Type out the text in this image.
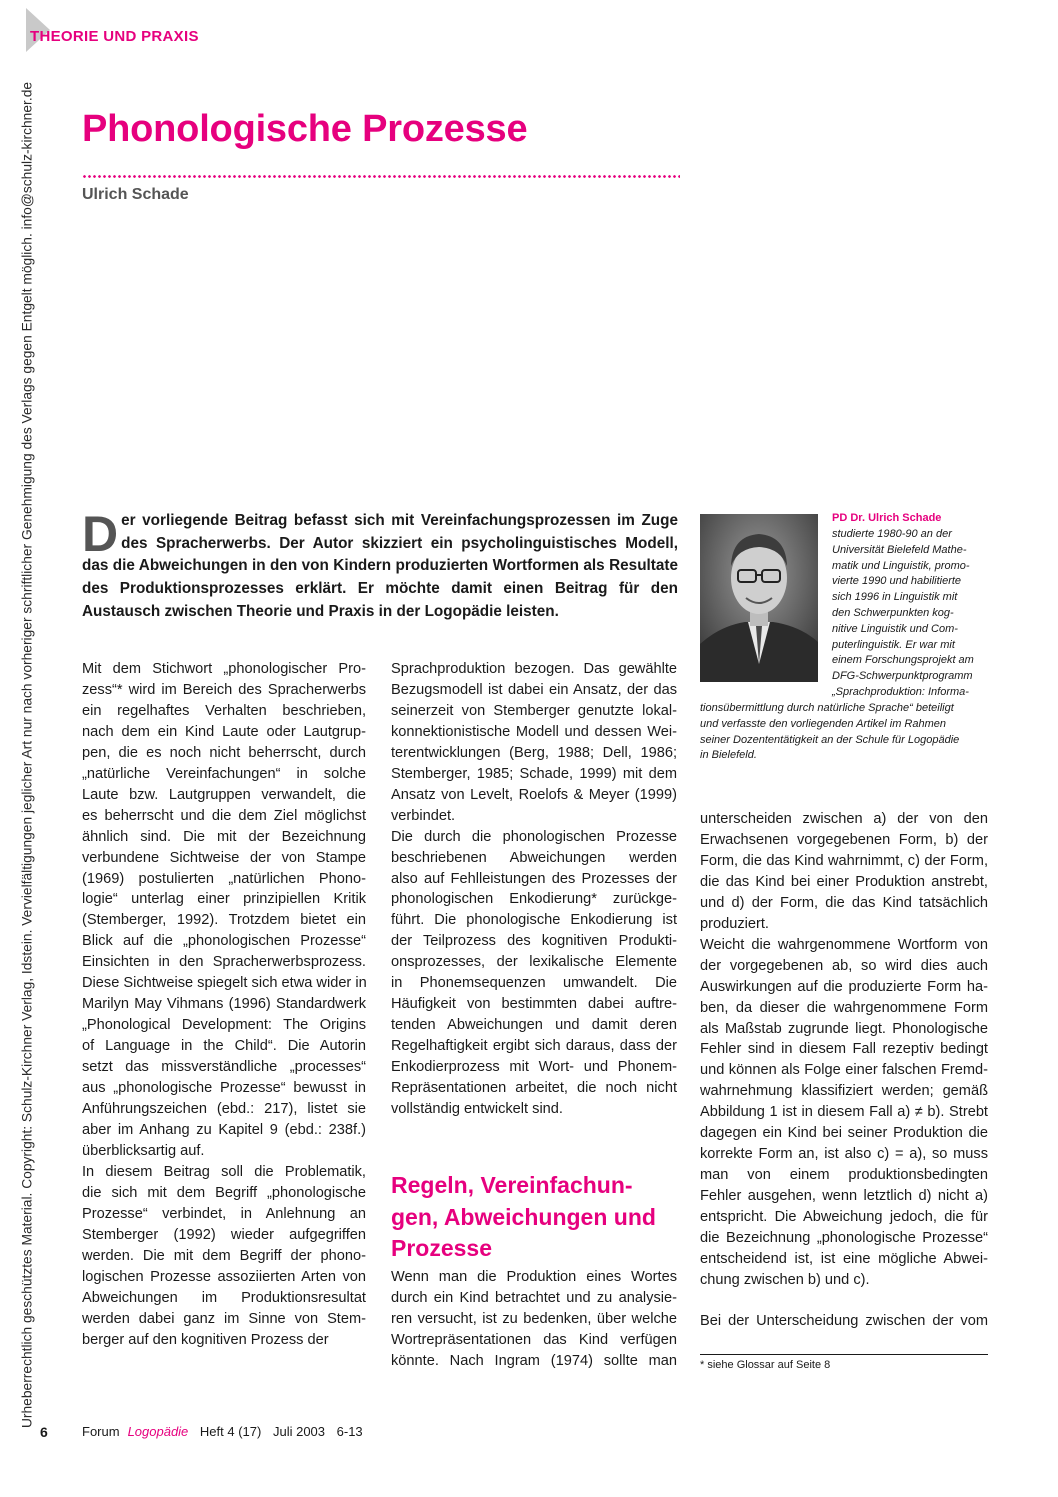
THEORIE UND PRAXIS
Urheberrechtlich geschütztes Material. Copyright: Schulz-Kirchner Verlag, Idstein. Vervielfältigungen jeglicher Art nur nach vorheriger schriftlicher Genehmigung des Verlags gegen Entgelt möglich. info@schulz-kirchner.de Phonologische Prozesse
Ulrich Schade
Der vorliegende Beitrag befasst sich mit Vereinfachungsprozessen im Zuge des Spracherwerbs. Der Autor skizziert ein psycholinguistisches Modell, das die Abweichungen in den von Kindern produzierten Wortformen als Resultate des Produktionsprozesses erklärt. Er möchte damit einen Beitrag für den Austausch zwischen Theorie und Praxis in der Logopädie leisten.
PD Dr. Ulrich Schade
studierte 1980-90 an der
Universität Bielefeld Mathe-
matik und Linguistik, promo-
vierte 1990 und habilitierte
sich 1996 in Linguistik mit
den Schwerpunkten kog-
nitive Linguistik und Com-
puterlinguistik. Er war mit
einem Forschungsprojekt am
DFG-Schwerpunktprogramm
„Sprachproduktion: Informa-
tionsübermittlung durch natürliche Sprache“ beteiligt
und verfasste den vorliegenden Artikel im Rahmen
seiner Dozententätigkeit an der Schule für Logopädie
in Bielefeld.
Mit dem Stichwort „phonologischer Pro-
zess“* wird im Bereich des Spracherwerbs
ein regelhaftes Verhalten beschrieben,
nach dem ein Kind Laute oder Lautgrup-
pen, die es noch nicht beherrscht, durch
„natürliche Vereinfachungen“ in solche
Laute bzw. Lautgruppen verwandelt, die
es beherrscht und die dem Ziel möglichst
ähnlich sind. Die mit der Bezeichnung
verbundene Sichtweise der von Stampe
(1969) postulierten „natürlichen Phono-
logie“ unterlag einer prinzipiellen Kritik
(Stemberger, 1992). Trotzdem bietet ein
Blick auf die „phonologischen Prozesse“
Einsichten in den Spracherwerbsprozess.
Diese Sichtweise spiegelt sich etwa wider in
Marilyn May Vihmans (1996) Standardwerk
„Phonological Development: The Origins
of Language in the Child“. Die Autorin
setzt das missverständliche „processes“
aus „phonologische Prozesse“ bewusst in
Anführungszeichen (ebd.: 217), listet sie
aber im Anhang zu Kapitel 9 (ebd.: 238f.)
überblicksartig auf.
In diesem Beitrag soll die Problematik,
die sich mit dem Begriff „phonologische
Prozesse“ verbindet, in Anlehnung an
Stemberger (1992) wieder aufgegriffen
werden. Die mit dem Begriff der phono-
logischen Prozesse assoziierten Arten von
Abweichungen im Produktionsresultat
werden dabei ganz im Sinne von Stem-
berger auf den kognitiven Prozess der
Sprachproduktion bezogen. Das gewählte
Bezugsmodell ist dabei ein Ansatz, der das
seinerzeit von Stemberger genutzte lokal-
konnektionistische Modell und dessen Wei-
terentwicklungen (Berg, 1988; Dell, 1986;
Stemberger, 1985; Schade, 1999) mit dem
Ansatz von Levelt, Roelofs & Meyer (1999)
verbindet.
Die durch die phonologischen Prozesse
beschriebenen Abweichungen werden
also auf Fehlleistungen des Prozesses der
phonologischen Enkodierung* zurückge-
führt. Die phonologische Enkodierung ist
der Teilprozess des kognitiven Produkti-
onsprozesses, der lexikalische Elemente
in Phonemsequenzen umwandelt. Die
Häufigkeit von bestimmten dabei auftre-
tenden Abweichungen und damit deren
Regelhaftigkeit ergibt sich daraus, dass der
Enkodierprozess mit Wort- und Phonem-
Repräsentationen arbeitet, die noch nicht
vollständig entwickelt sind.
Regeln, Vereinfachun-
gen, Abweichungen und
Prozesse
Wenn man die Produktion eines Wortes
durch ein Kind betrachtet und zu analysie-
ren versucht, ist zu bedenken, über welche
Wortrepräsentationen das Kind verfügen
könnte. Nach Ingram (1974) sollte man
unterscheiden zwischen a) der von den
Erwachsenen vorgegebenen Form, b) der
Form, die das Kind wahrnimmt, c) der Form,
die das Kind bei einer Produktion anstrebt,
und d) der Form, die das Kind tatsächlich
produziert.
Weicht die wahrgenommene Wortform von
der vorgegebenen ab, so wird dies auch
Auswirkungen auf die produzierte Form ha-
ben, da dieser die wahrgenommene Form
als Maßstab zugrunde liegt. Phonologische
Fehler sind in diesem Fall rezeptiv bedingt
und können als Folge einer falschen Fremd-
wahrnehmung klassifiziert werden; gemäß
Abbildung 1 ist in diesem Fall a) ≠ b). Strebt
dagegen ein Kind bei seiner Produktion die
korrekte Form an, ist also c) = a), so muss
man von einem produktionsbedingten
Fehler ausgehen, wenn letztlich d) nicht a)
entspricht. Die Abweichung jedoch, die für
die Bezeichnung „phonologische Prozesse“
entscheidend ist, ist eine mögliche Abwei-
chung zwischen b) und c).
Bei der Unterscheidung zwischen der vom
* siehe Glossar auf Seite 8
6	Forum Logopädie Heft 4 (17) Juli 2003 6-13
